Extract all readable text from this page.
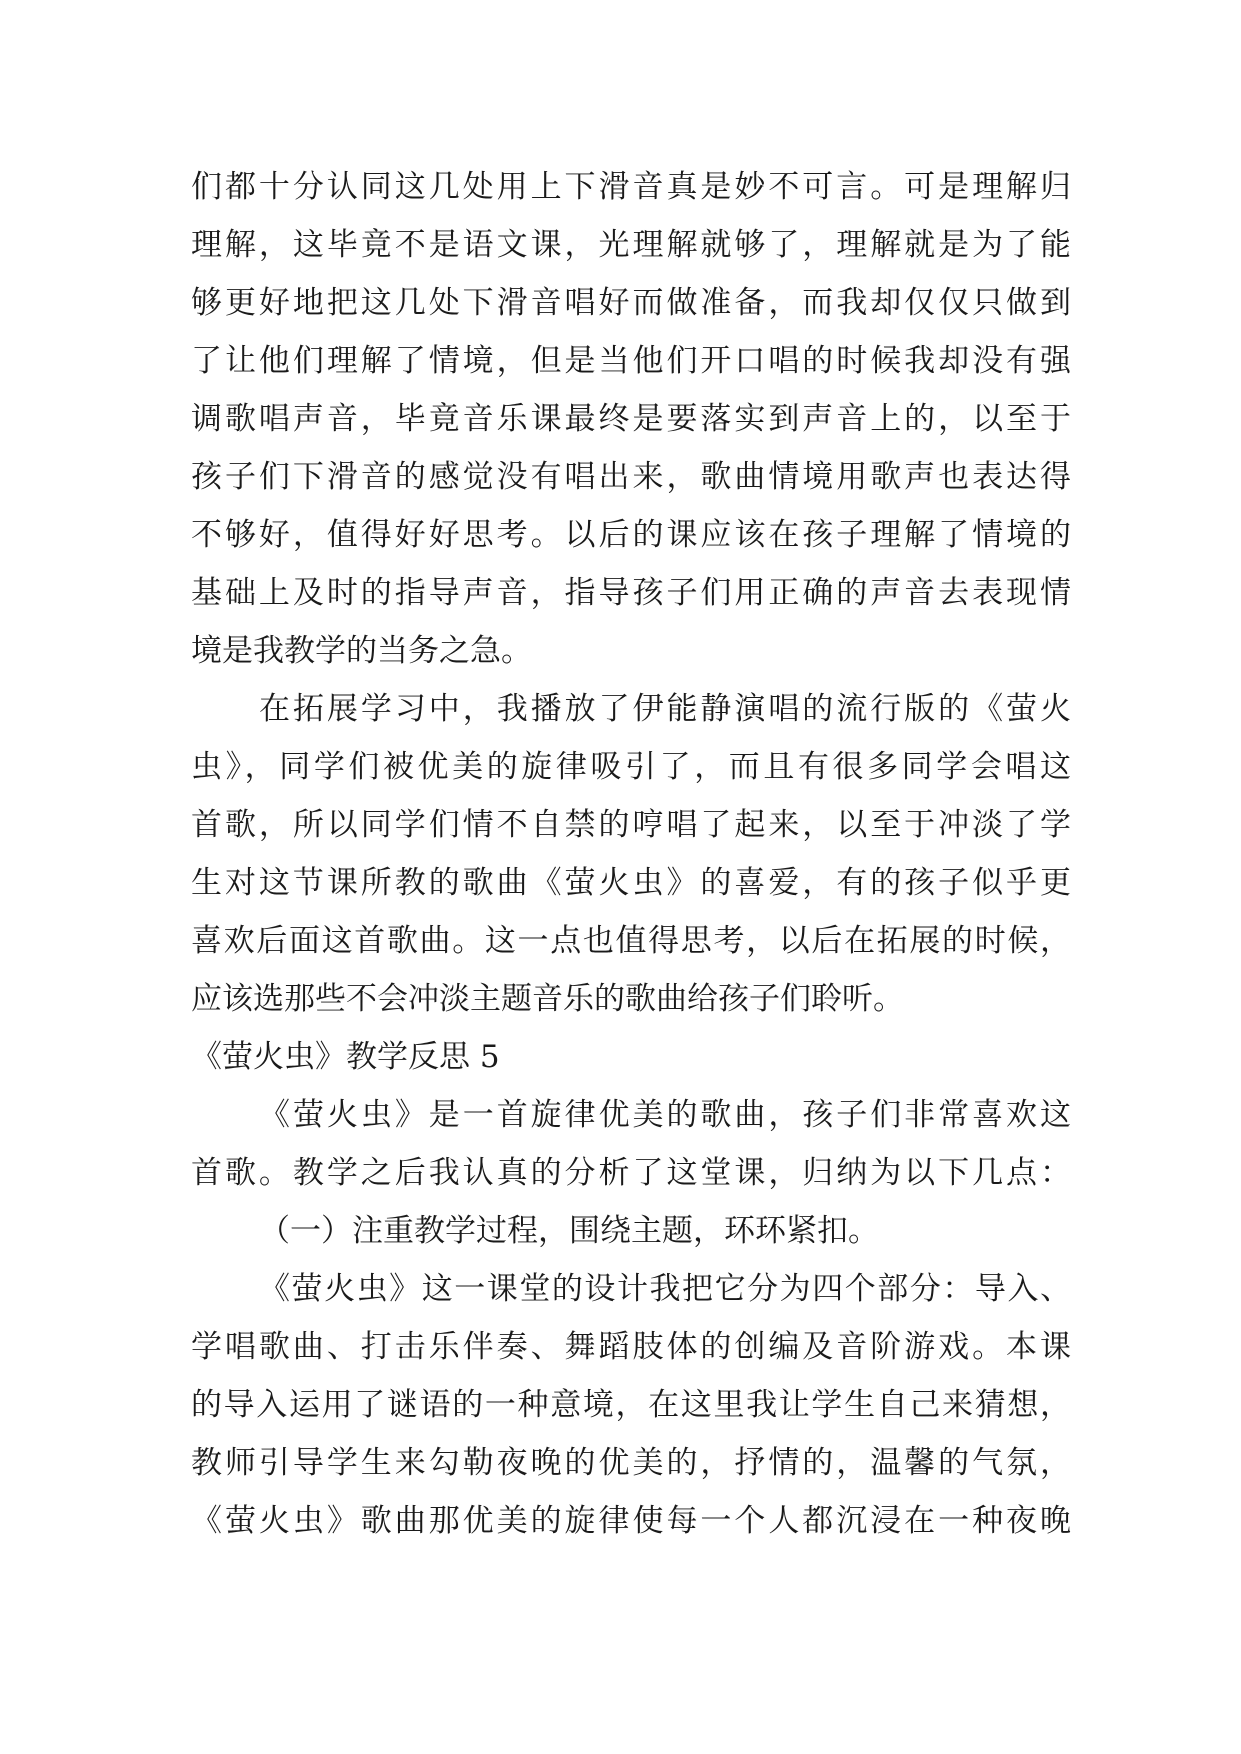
们都十分认同这几处用上下滑音真是妙不可言。可是理解归
理解，这毕竟不是语文课，光理解就够了，理解就是为了能
够更好地把这几处下滑音唱好而做准备，而我却仅仅只做到
了让他们理解了情境，但是当他们开口唱的时候我却没有强
调歌唱声音，毕竟音乐课最终是要落实到声音上的，以至于
孩子们下滑音的感觉没有唱出来，歌曲情境用歌声也表达得
不够好，值得好好思考。以后的课应该在孩子理解了情境的
基础上及时的指导声音，指导孩子们用正确的声音去表现情
境是我教学的当务之急。
在拓展学习中，我播放了伊能静演唱的流行版的《萤火
虫》，同学们被优美的旋律吸引了，而且有很多同学会唱这
首歌，所以同学们情不自禁的哼唱了起来，以至于冲淡了学
生对这节课所教的歌曲《萤火虫》的喜爱，有的孩子似乎更
喜欢后面这首歌曲。这一点也值得思考，以后在拓展的时候，
应该选那些不会冲淡主题音乐的歌曲给孩子们聆听。
《萤火虫》教学反思 5
《萤火虫》是一首旋律优美的歌曲，孩子们非常喜欢这
首歌。教学之后我认真的分析了这堂课，归纳为以下几点：
（一）注重教学过程，围绕主题，环环紧扣。
《萤火虫》这一课堂的设计我把它分为四个部分：导入、
学唱歌曲、打击乐伴奏、舞蹈肢体的创编及音阶游戏。本课
的导入运用了谜语的一种意境，在这里我让学生自己来猜想，
教师引导学生来勾勒夜晚的优美的，抒情的，温馨的气氛，
《萤火虫》歌曲那优美的旋律使每一个人都沉浸在一种夜晚
